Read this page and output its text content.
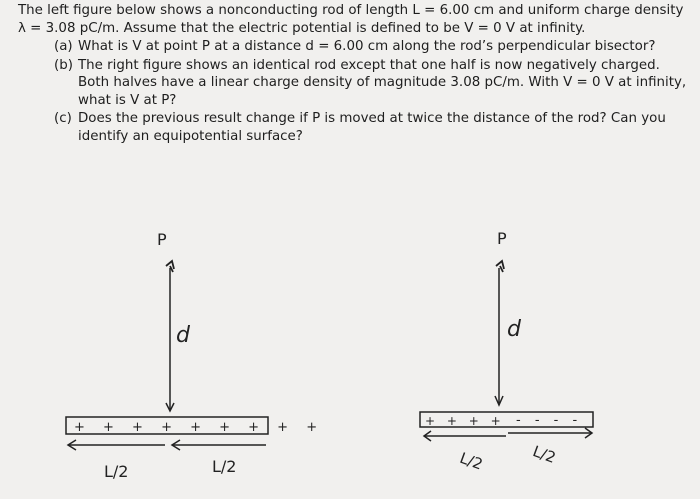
The left figure below shows a nonconducting rod of length L = 6.00 cm and uniform charge density λ = 3.08 pC/m. Assume that the electric potential is defined to be V = 0 V at infinity.

(a) What is V at point P at a distance d = 6.00 cm along the rod’s perpendicular bisector?
(b) The right figure shows an identical rod except that one half is now negatively charged. Both halves have a linear charge density of magnitude 3.08 pC/m. With V = 0 V at infinity, what is V at P?
(c) Does the previous result change if P is moved at twice the distance of the rod? Can you identify an equipotential surface?
P
d
+ + + + + + + + +
L/2	L/2
P
d
+ + + + - - - -
L/2	L/2
